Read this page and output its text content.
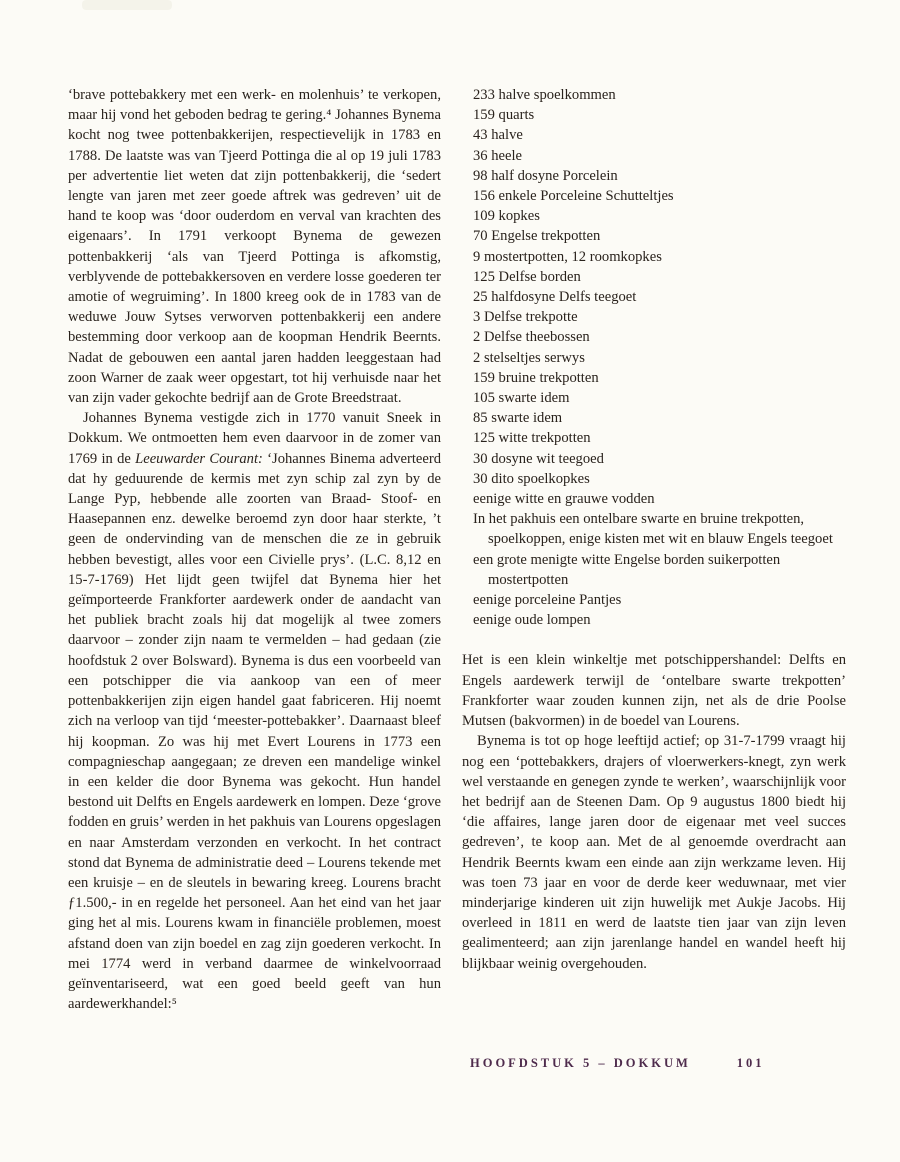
‘brave pottebakkery met een werk- en molenhuis’ te verkopen, maar hij vond het geboden bedrag te gering.⁴ Johannes Bynema kocht nog twee pottenbakkerijen, respectievelijk in 1783 en 1788. De laatste was van Tjeerd Pottinga die al op 19 juli 1783 per advertentie liet weten dat zijn pottenbakkerij, die ‘sedert lengte van jaren met zeer goede aftrek was gedreven’ uit de hand te koop was ‘door ouderdom en verval van krachten des eigenaars’. In 1791 verkoopt Bynema de gewezen pottenbakkerij ‘als van Tjeerd Pottinga is afkomstig, verblyvende de pottebakkersoven en verdere losse goederen ter amotie of wegruiming’. In 1800 kreeg ook de in 1783 van de weduwe Jouw Sytses verworven pottenbakkerij een andere bestemming door verkoop aan de koopman Hendrik Beernts. Nadat de gebouwen een aantal jaren hadden leeggestaan had zoon Warner de zaak weer opgestart, tot hij verhuisde naar het van zijn vader gekochte bedrijf aan de Grote Breedstraat.

Johannes Bynema vestigde zich in 1770 vanuit Sneek in Dokkum. We ontmoetten hem even daarvoor in de zomer van 1769 in de Leeuwarder Courant: ‘Johannes Binema adverteerd dat hy geduurende de kermis met zyn schip zal zyn by de Lange Pyp, hebbende alle zoorten van Braad- Stoof- en Haasepannen enz. dewelke beroemd zyn door haar sterkte, ’t geen de ondervinding van de menschen die ze in gebruik hebben bevestigt, alles voor een Civielle prys’. (L.C. 8,12 en 15-7-1769) Het lijdt geen twijfel dat Bynema hier het geïmporteerde Frankforter aardewerk onder de aandacht van het publiek bracht zoals hij dat mogelijk al twee zomers daarvoor – zonder zijn naam te vermelden – had gedaan (zie hoofdstuk 2 over Bolsward). Bynema is dus een voorbeeld van een potschipper die via aankoop van een of meer pottenbakkerijen zijn eigen handel gaat fabriceren. Hij noemt zich na verloop van tijd ‘meester-pottebakker’. Daarnaast bleef hij koopman. Zo was hij met Evert Lourens in 1773 een compagnieschap aangegaan; ze dreven een mandelige winkel in een kelder die door Bynema was gekocht. Hun handel bestond uit Delfts en Engels aardewerk en lompen. Deze ‘grove fodden en gruis’ werden in het pakhuis van Lourens opgeslagen en naar Amsterdam verzonden en verkocht. In het contract stond dat Bynema de administratie deed – Lourens tekende met een kruisje – en de sleutels in bewaring kreeg. Lourens bracht ƒ1.500,- in en regelde het personeel. Aan het eind van het jaar ging het al mis. Lourens kwam in financiële problemen, moest afstand doen van zijn boedel en zag zijn goederen verkocht. In mei 1774 werd in verband daarmee de winkelvoorraad geïnventariseerd, wat een goed beeld geeft van hun aardewerkhandel:⁵

233 halve spoelkommen
159 quarts
43 halve
36 heele
98 half dosyne Porcelein
156 enkele Porceleine Schutteltjes
109 kopkes
70 Engelse trekpotten
9 mostertpotten, 12 roomkopkes
125 Delfse borden
25 halfdosyne Delfs teegoet
3 Delfse trekpotte
2 Delfse theebossen
2 stelseltjes serwys
159 bruine trekpotten
105 swarte idem
85 swarte idem
125 witte trekpotten
30 dosyne wit teegoed
30 dito spoelkopkes
eenige witte en grauwe vodden
In het pakhuis een ontelbare swarte en bruine trekpotten, spoelkoppen, enige kisten met wit en blauw Engels teegoet
een grote menigte witte Engelse borden suikerpotten mostertpotten
eenige porceleine Pantjes
eenige oude lompen

Het is een klein winkeltje met potschippershandel: Delfts en Engels aardewerk terwijl de ‘ontelbare swarte trekpotten’ Frankforter waar zouden kunnen zijn, net als de drie Poolse Mutsen (bakvormen) in de boedel van Lourens.

Bynema is tot op hoge leeftijd actief; op 31-7-1799 vraagt hij nog een ‘pottebakkers, drajers of vloerwerkers-knegt, zyn werk wel verstaande en genegen zynde te werken’, waarschijnlijk voor het bedrijf aan de Steenen Dam. Op 9 augustus 1800 biedt hij ‘die affaires, lange jaren door de eigenaar met veel succes gedreven’, te koop aan. Met de al genoemde overdracht aan Hendrik Beernts kwam een einde aan zijn werkzame leven. Hij was toen 73 jaar en voor de derde keer weduwnaar, met vier minderjarige kinderen uit zijn huwelijk met Aukje Jacobs. Hij overleed in 1811 en werd de laatste tien jaar van zijn leven gealimenteerd; aan zijn jarenlange handel en wandel heeft hij blijkbaar weinig overgehouden.

HOOFDSTUK 5 – DOKKUM	101
